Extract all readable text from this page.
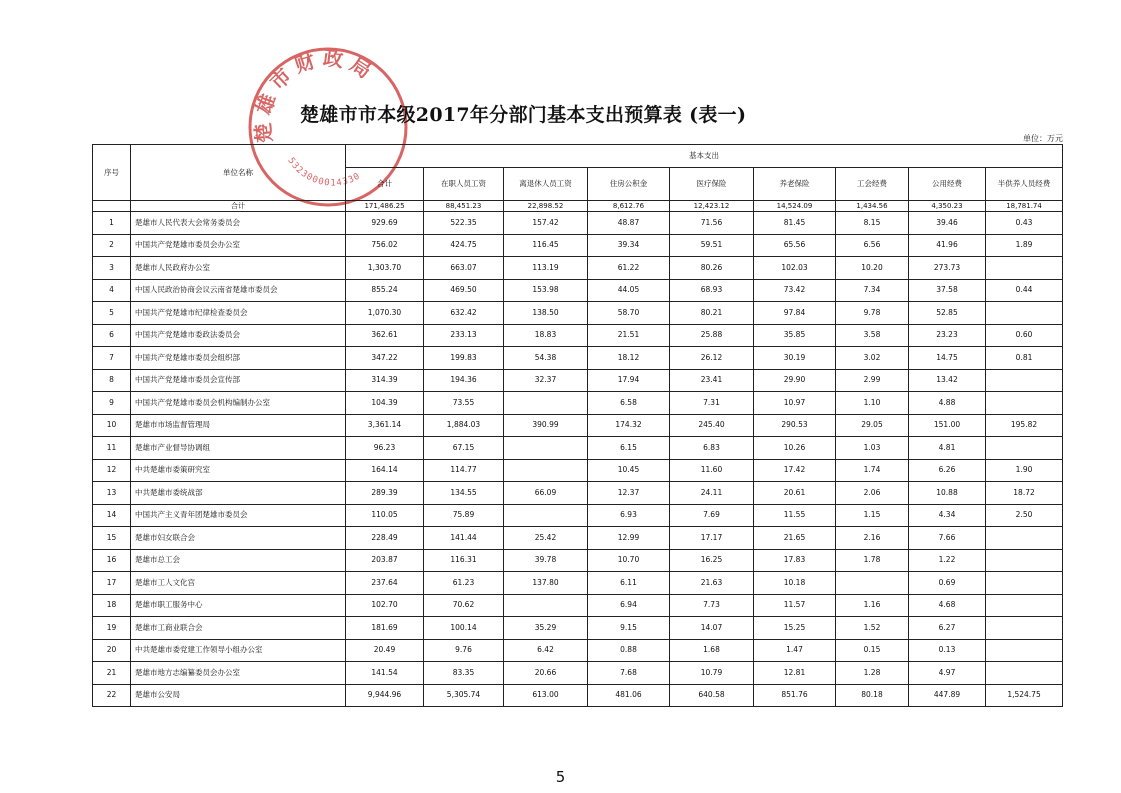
楚雄市财政局
5323000014330
楚雄市市本级2017年分部门基本支出预算表 (表一)
单位：万元
序号	单位名称	基本支出								
		合计	在职人员工资	离退休人员工资	住房公积金	医疗保险	养老保险	工会经费	公用经费	半供养人员经费
	合计	171,486.25	88,451.23	22,898.52	8,612.76	12,423.12	14,524.09	1,434.56	4,350.23	18,781.74
1	楚雄市人民代表大会常务委员会	929.69	522.35	157.42	48.87	71.56	81.45	8.15	39.46	0.43
2	中国共产党楚雄市委员会办公室	756.02	424.75	116.45	39.34	59.51	65.56	6.56	41.96	1.89
3	楚雄市人民政府办公室	1,303.70	663.07	113.19	61.22	80.26	102.03	10.20	273.73	
4	中国人民政治协商会议云南省楚雄市委员会	855.24	469.50	153.98	44.05	68.93	73.42	7.34	37.58	0.44
5	中国共产党楚雄市纪律检查委员会	1,070.30	632.42	138.50	58.70	80.21	97.84	9.78	52.85	
6	中国共产党楚雄市委政法委员会	362.61	233.13	18.83	21.51	25.88	35.85	3.58	23.23	0.60
7	中国共产党楚雄市委员会组织部	347.22	199.83	54.38	18.12	26.12	30.19	3.02	14.75	0.81
8	中国共产党楚雄市委员会宣传部	314.39	194.36	32.37	17.94	23.41	29.90	2.99	13.42	
9	中国共产党楚雄市委员会机构编制办公室	104.39	73.55		6.58	7.31	10.97	1.10	4.88	
10	楚雄市市场监督管理局	3,361.14	1,884.03	390.99	174.32	245.40	290.53	29.05	151.00	195.82
11	楚雄市产业督导协调组	96.23	67.15		6.15	6.83	10.26	1.03	4.81	
12	中共楚雄市委策研究室	164.14	114.77		10.45	11.60	17.42	1.74	6.26	1.90
13	中共楚雄市委统战部	289.39	134.55	66.09	12.37	24.11	20.61	2.06	10.88	18.72
14	中国共产主义青年团楚雄市委员会	110.05	75.89		6.93	7.69	11.55	1.15	4.34	2.50
15	楚雄市妇女联合会	228.49	141.44	25.42	12.99	17.17	21.65	2.16	7.66	
16	楚雄市总工会	203.87	116.31	39.78	10.70	16.25	17.83	1.78	1.22	
17	楚雄市工人文化宫	237.64	61.23	137.80	6.11	21.63	10.18		0.69	
18	楚雄市职工服务中心	102.70	70.62		6.94	7.73	11.57	1.16	4.68	
19	楚雄市工商业联合会	181.69	100.14	35.29	9.15	14.07	15.25	1.52	6.27	
20	中共楚雄市委党建工作领导小组办公室	20.49	9.76	6.42	0.88	1.68	1.47	0.15	0.13	
21	楚雄市地方志编纂委员会办公室	141.54	83.35	20.66	7.68	10.79	12.81	1.28	4.97	
22	楚雄市公安局	9,944.96	5,305.74	613.00	481.06	640.58	851.76	80.18	447.89	1,524.75
5
